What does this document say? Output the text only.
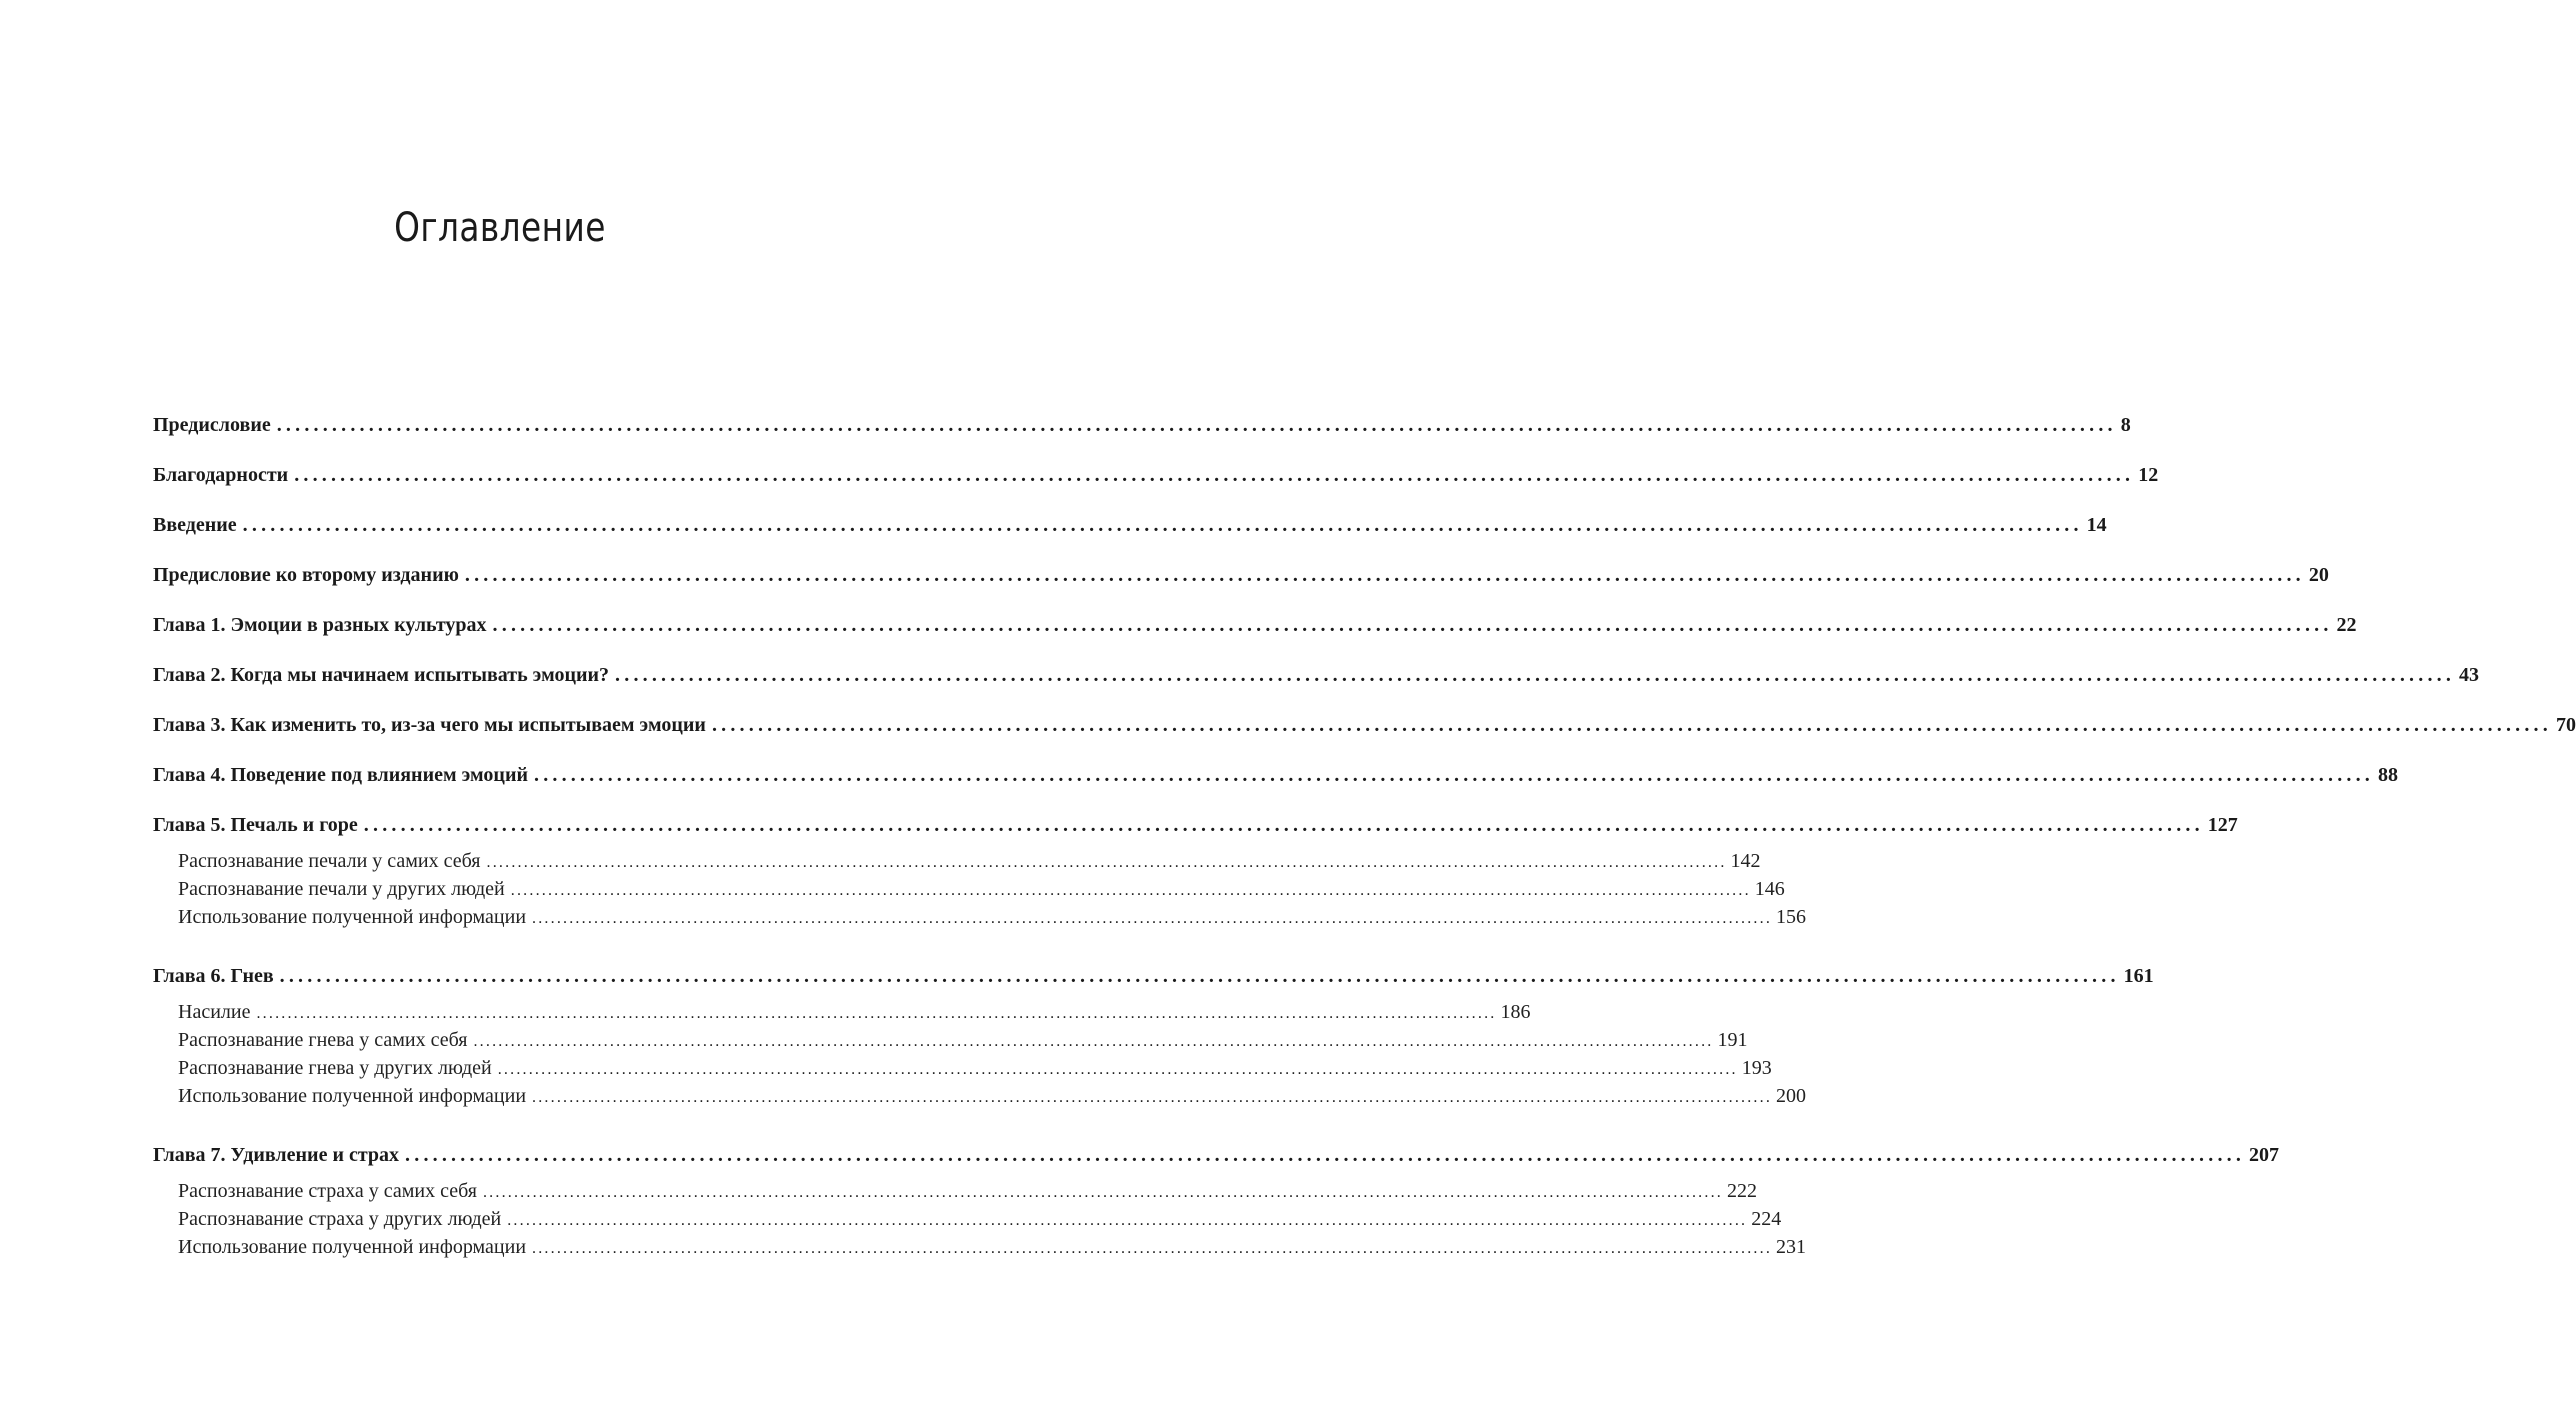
Оглавление
Предисловие ........................................................................................................................................................................................................ 8
Благодарности ........................................................................................................................................................................................................ 12
Введение ........................................................................................................................................................................................................ 14
Предисловие ко второму изданию ........................................................................................................................................................................................................ 20
Глава 1. Эмоции в разных культурах ........................................................................................................................................................................................................ 22
Глава 2. Когда мы начинаем испытывать эмоции? ........................................................................................................................................................................................................ 43
Глава 3. Как изменить то, из-за чего мы испытываем эмоции ........................................................................................................................................................................................................ 70
Глава 4. Поведение под влиянием эмоций ........................................................................................................................................................................................................ 88
Глава 5. Печаль и горе ........................................................................................................................................................................................................ 127
Распознавание печали у самих себя ........................................................................................................................................................................................................ 142
Распознавание печали у других людей ........................................................................................................................................................................................................ 146
Использование полученной информации ........................................................................................................................................................................................................ 156
Глава 6. Гнев ........................................................................................................................................................................................................ 161
Насилие ........................................................................................................................................................................................................ 186
Распознавание гнева у самих себя ........................................................................................................................................................................................................ 191
Распознавание гнева у других людей ........................................................................................................................................................................................................ 193
Использование полученной информации ........................................................................................................................................................................................................ 200
Глава 7. Удивление и страх ........................................................................................................................................................................................................ 207
Распознавание страха у самих себя ........................................................................................................................................................................................................ 222
Распознавание страха у других людей ........................................................................................................................................................................................................ 224
Использование полученной информации ........................................................................................................................................................................................................ 231
